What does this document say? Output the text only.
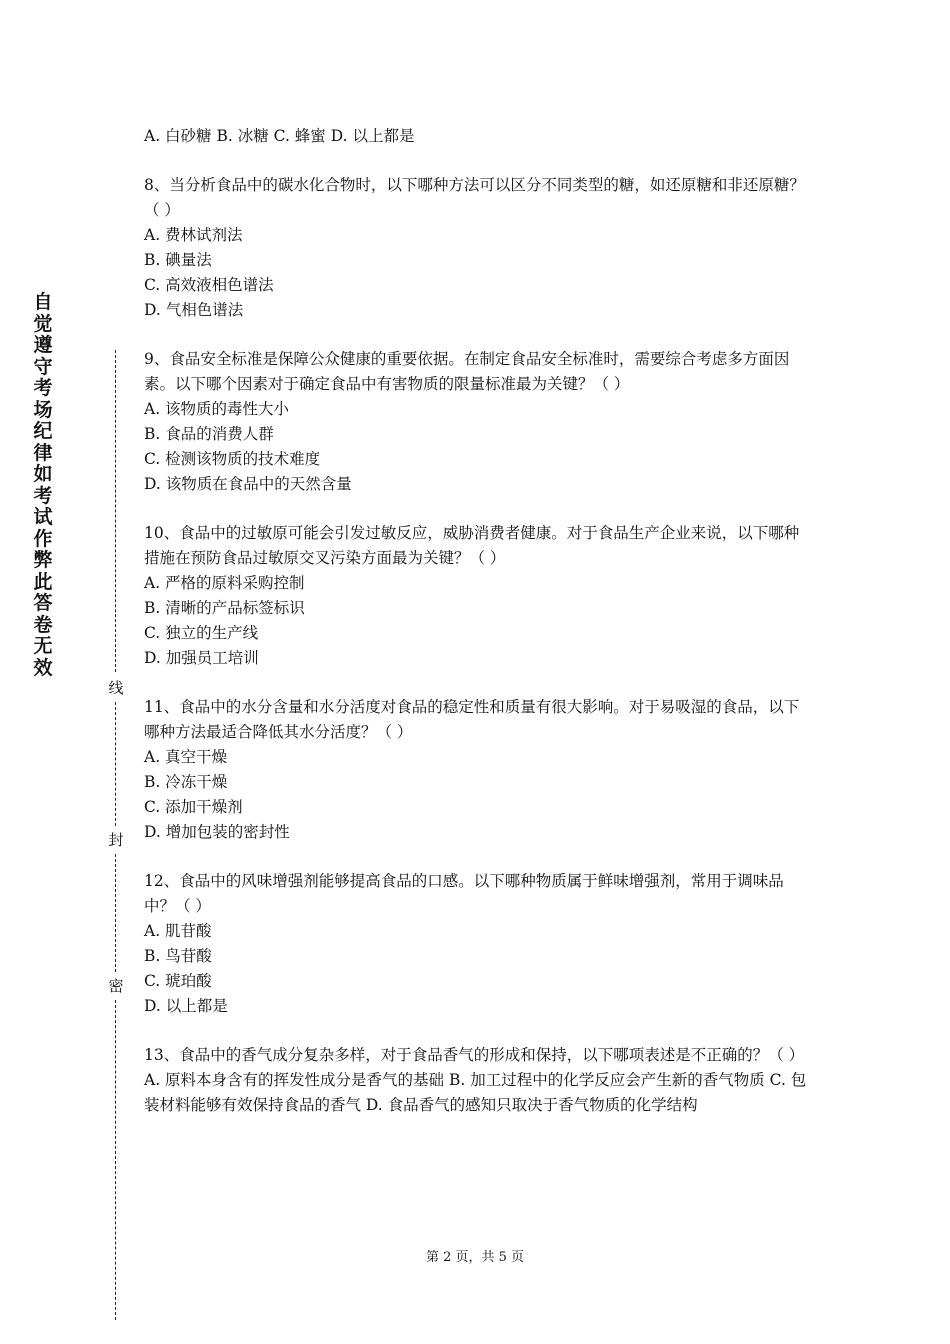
自觉遵守考场纪律如考试作弊此答卷无效
线
封
密

A. 白砂糖 B. 冰糖 C. 蜂蜜 D. 以上都是

8、当分析食品中的碳水化合物时，以下哪种方法可以区分不同类型的糖，如还原糖和非还原糖？（ ）

A. 费林试剂法

B. 碘量法

C. 高效液相色谱法

D. 气相色谱法

9、食品安全标准是保障公众健康的重要依据。在制定食品安全标准时，需要综合考虑多方面因素。以下哪个因素对于确定食品中有害物质的限量标准最为关键？（ ）

A. 该物质的毒性大小

B. 食品的消费人群

C. 检测该物质的技术难度

D. 该物质在食品中的天然含量

10、食品中的过敏原可能会引发过敏反应，威胁消费者健康。对于食品生产企业来说，以下哪种措施在预防食品过敏原交叉污染方面最为关键？（ ）

A. 严格的原料采购控制

B. 清晰的产品标签标识

C. 独立的生产线

D. 加强员工培训

11、食品中的水分含量和水分活度对食品的稳定性和质量有很大影响。对于易吸湿的食品，以下哪种方法最适合降低其水分活度？（ ）

A. 真空干燥

B. 冷冻干燥

C. 添加干燥剂

D. 增加包装的密封性

12、食品中的风味增强剂能够提高食品的口感。以下哪种物质属于鲜味增强剂，常用于调味品中？（ ）

A. 肌苷酸

B. 鸟苷酸

C. 琥珀酸

D. 以上都是

13、食品中的香气成分复杂多样，对于食品香气的形成和保持，以下哪项表述是不正确的？（ ）

A. 原料本身含有的挥发性成分是香气的基础 B. 加工过程中的化学反应会产生新的香气物质 C. 包装材料能够有效保持食品的香气 D. 食品香气的感知只取决于香气物质的化学结构

第 2 页，共 5 页
